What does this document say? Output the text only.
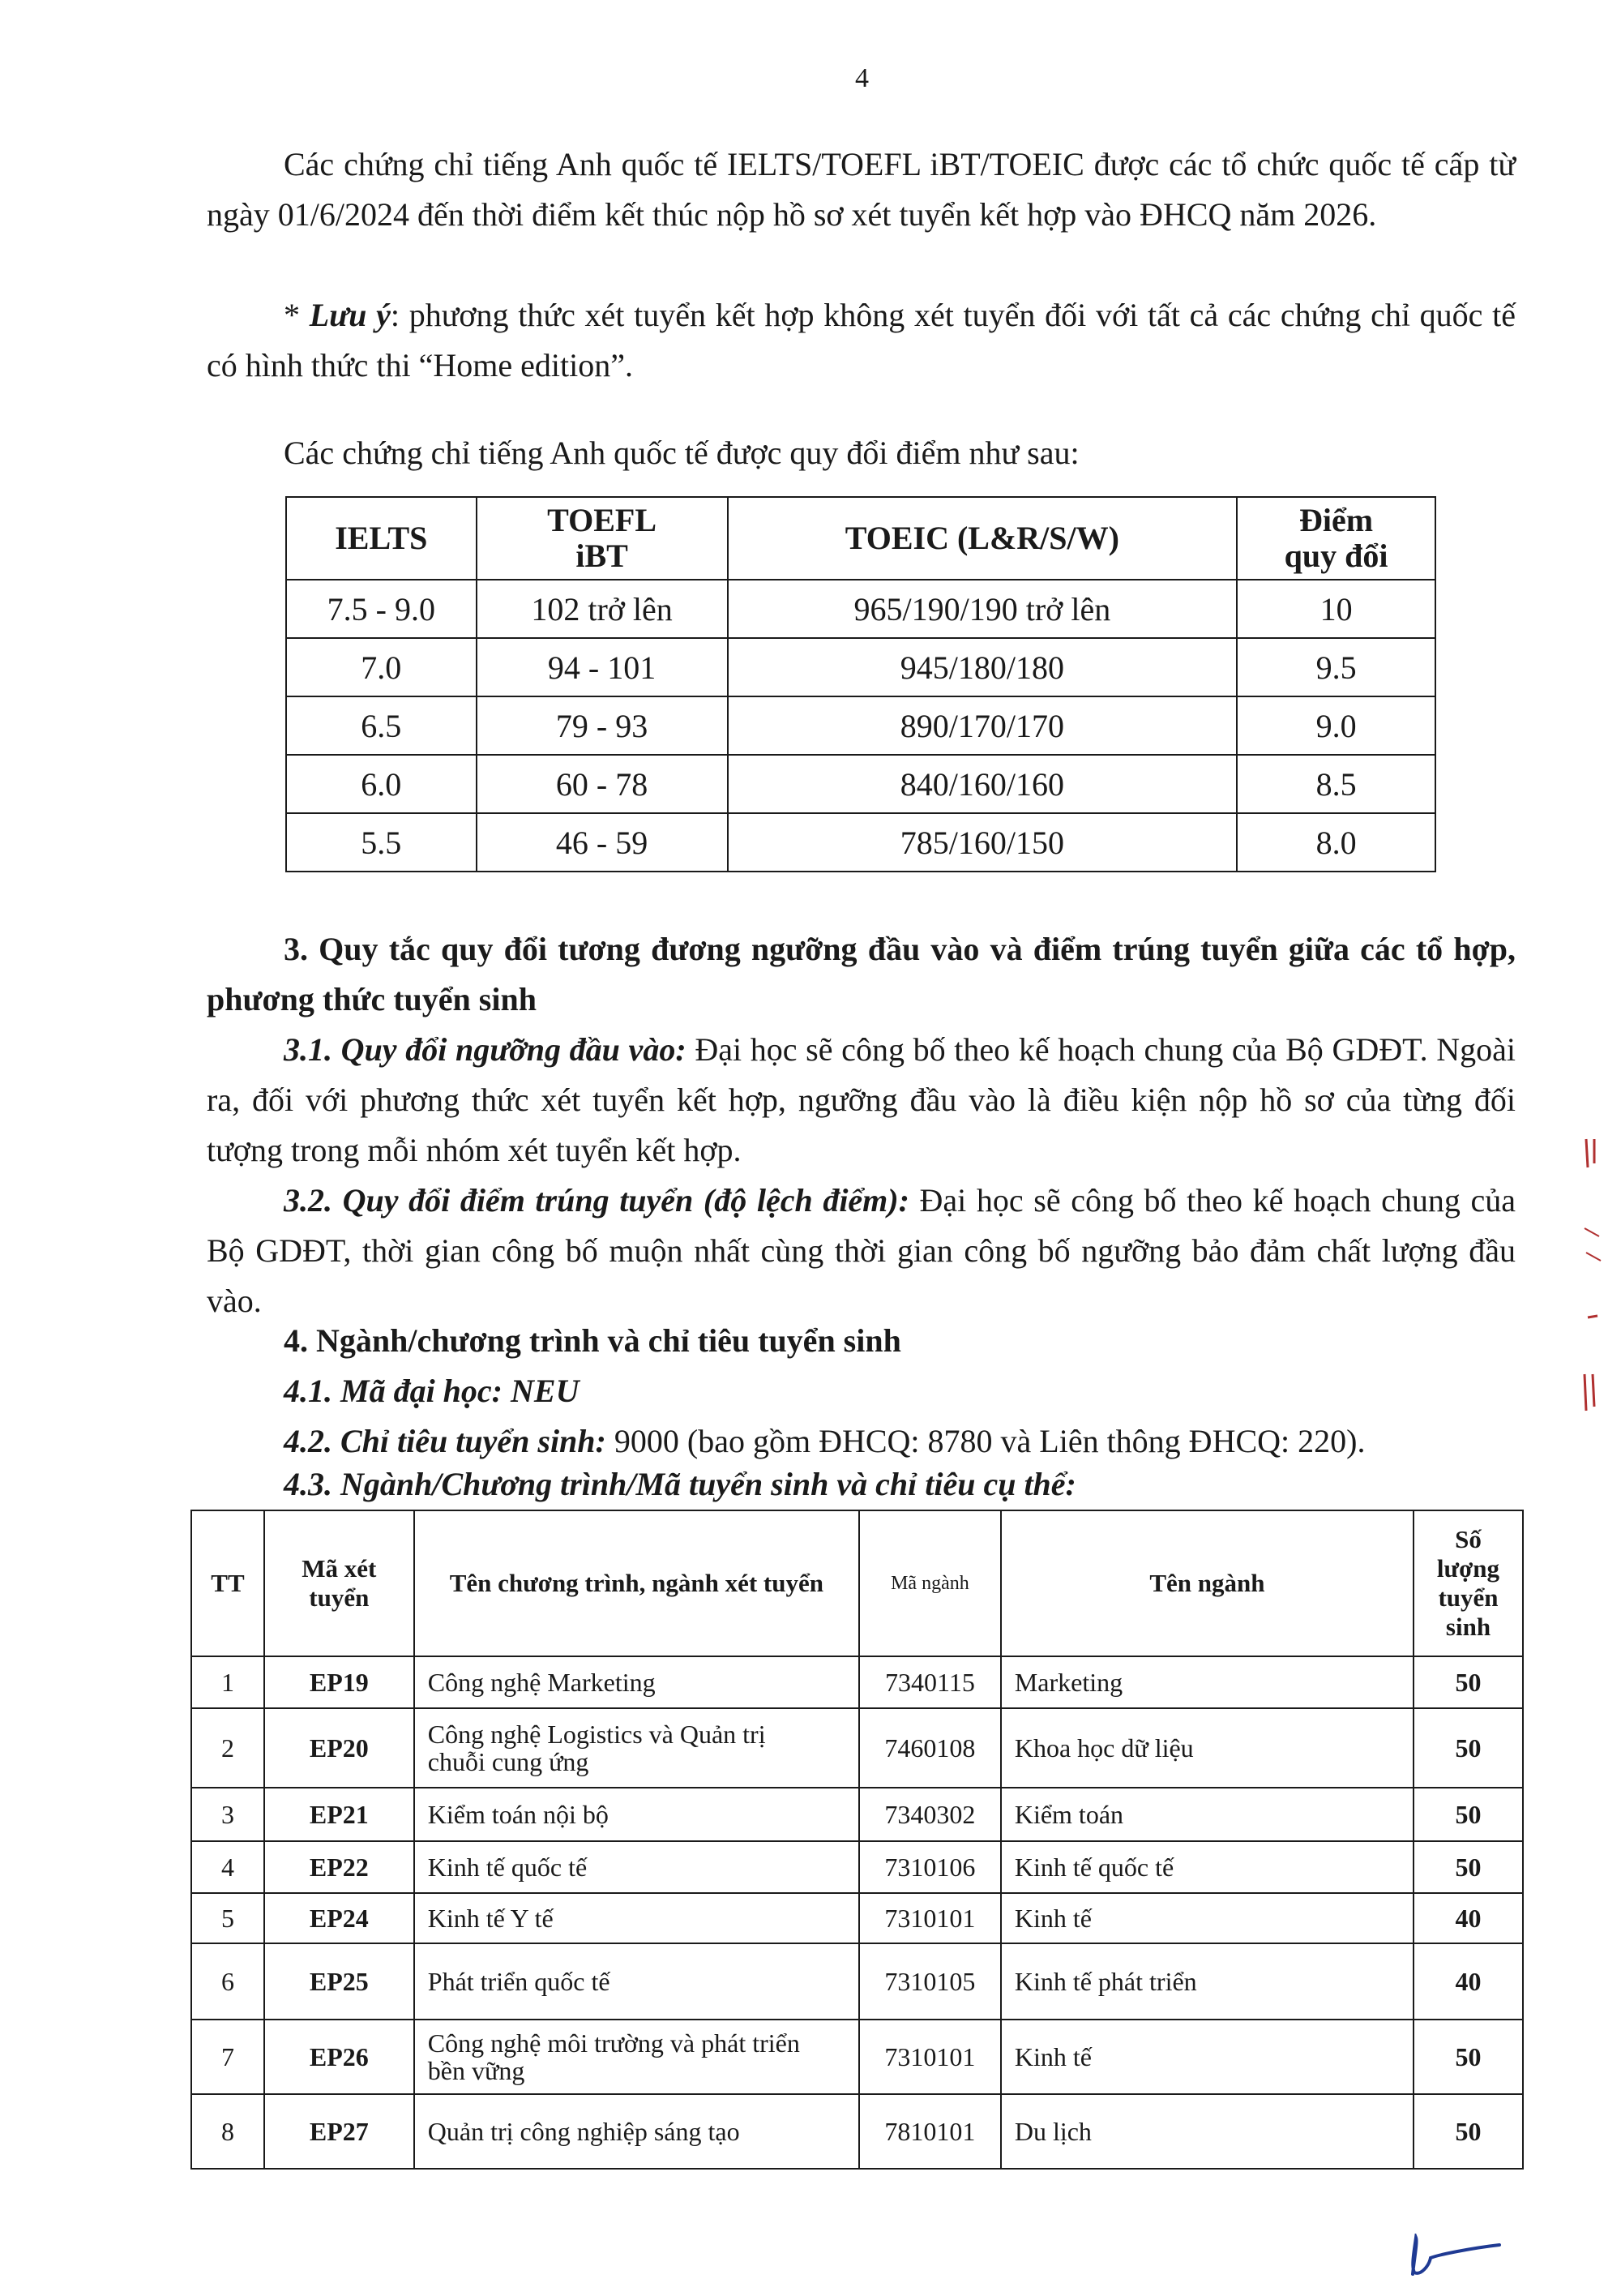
4

Các chứng chỉ tiếng Anh quốc tế IELTS/TOEFL iBT/TOEIC được các tổ chức quốc tế cấp từ ngày 01/6/2024 đến thời điểm kết thúc nộp hồ sơ xét tuyển kết hợp vào ĐHCQ năm 2026.

* Lưu ý: phương thức xét tuyển kết hợp không xét tuyển đối với tất cả các chứng chỉ quốc tế có hình thức thi “Home edition”.

Các chứng chỉ tiếng Anh quốc tế được quy đổi điểm như sau:

IELTS	TOEFL iBT	TOEIC (L&R/S/W)	Điểm quy đổi
7.5 - 9.0	102 trở lên	965/190/190 trở lên	10
7.0	94 - 101	945/180/180	9.5
6.5	79 - 93	890/170/170	9.0
6.0	60 - 78	840/160/160	8.5
5.5	46 - 59	785/160/150	8.0

3. Quy tắc quy đổi tương đương ngưỡng đầu vào và điểm trúng tuyển giữa các tổ hợp, phương thức tuyển sinh

3.1. Quy đổi ngưỡng đầu vào: Đại học sẽ công bố theo kế hoạch chung của Bộ GDĐT. Ngoài ra, đối với phương thức xét tuyển kết hợp, ngưỡng đầu vào là điều kiện nộp hồ sơ của từng đối tượng trong mỗi nhóm xét tuyển kết hợp.

3.2. Quy đổi điểm trúng tuyển (độ lệch điểm): Đại học sẽ công bố theo kế hoạch chung của Bộ GDĐT, thời gian công bố muộn nhất cùng thời gian công bố ngưỡng bảo đảm chất lượng đầu vào.

4. Ngành/chương trình và chỉ tiêu tuyển sinh

4.1. Mã đại học: NEU

4.2. Chỉ tiêu tuyển sinh: 9000 (bao gồm ĐHCQ: 8780 và Liên thông ĐHCQ: 220).

4.3. Ngành/Chương trình/Mã tuyển sinh và chỉ tiêu cụ thể:

TT	Mã xét tuyển	Tên chương trình, ngành xét tuyển	Mã ngành	Tên ngành	Số lượng tuyển sinh
1	EP19	Công nghệ Marketing	7340115	Marketing	50
2	EP20	Công nghệ Logistics và Quản trị chuỗi cung ứng	7460108	Khoa học dữ liệu	50
3	EP21	Kiểm toán nội bộ	7340302	Kiểm toán	50
4	EP22	Kinh tế quốc tế	7310106	Kinh tế quốc tế	50
5	EP24	Kinh tế Y tế	7310101	Kinh tế	40
6	EP25	Phát triển quốc tế	7310105	Kinh tế phát triển	40
7	EP26	Công nghệ môi trường và phát triển bền vững	7310101	Kinh tế	50
8	EP27	Quản trị công nghiệp sáng tạo	7810101	Du lịch	50
